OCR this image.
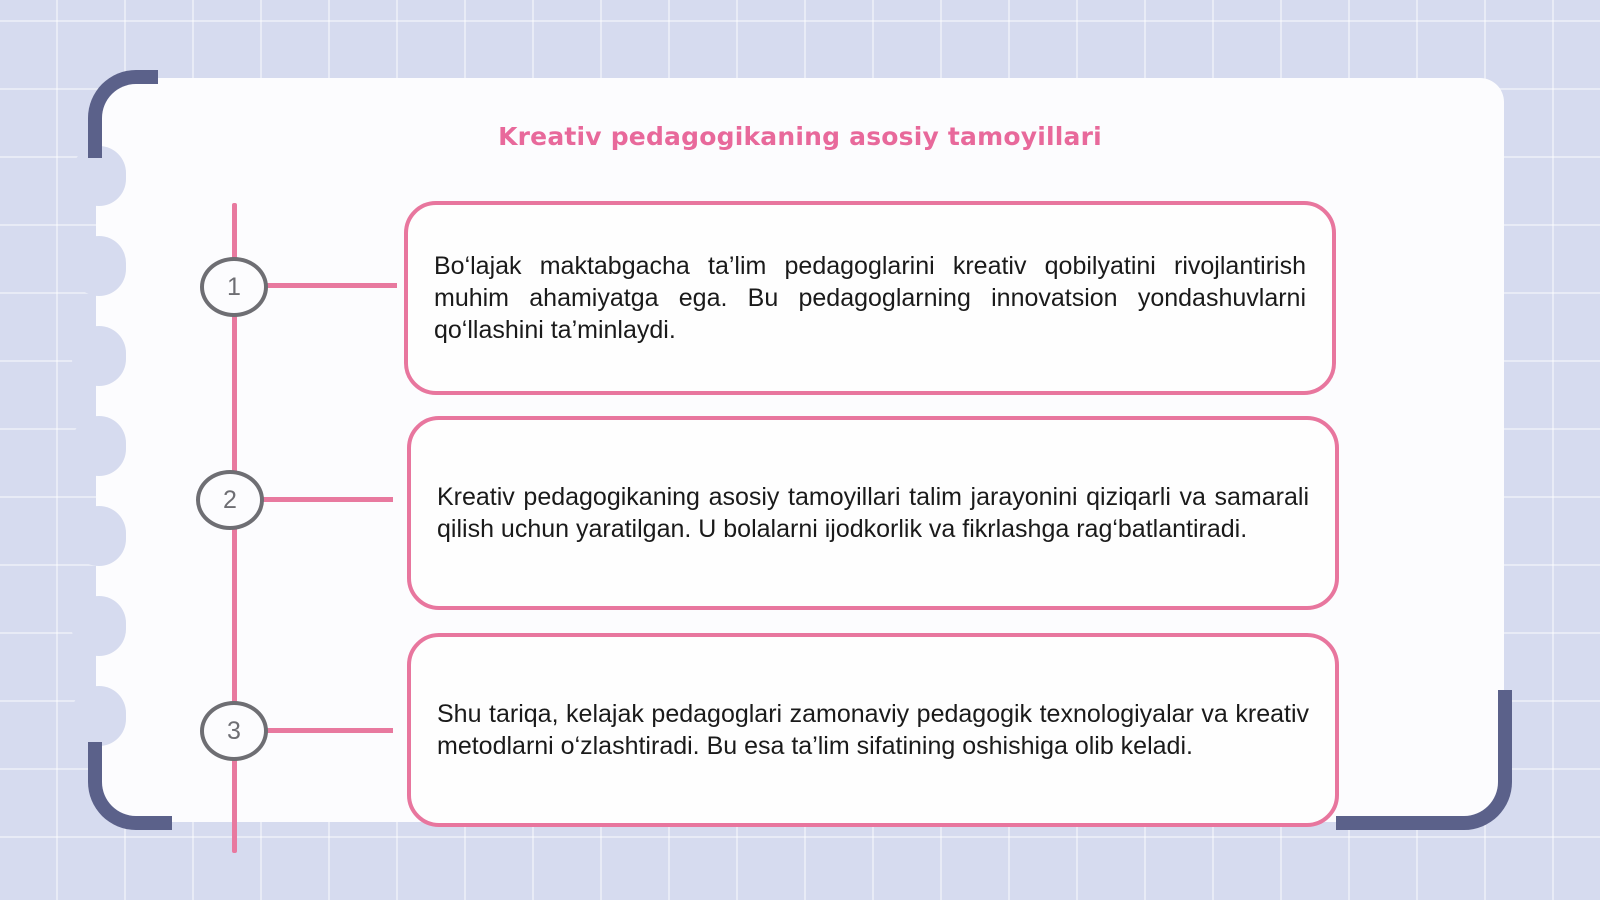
Kreativ pedagogikaning asosiy tamoyillari
1

Bo‘lajak maktabgacha ta’lim pedagoglarini kreativ qobilyatini rivojlantirish muhim ahamiyatga ega. Bu pedagoglarning innovatsion yondashuvlarni qo‘llashini ta’minlaydi.

2	Kreativ pedagogikaning asosiy tamoyillari talim jarayonini qiziqarli va samarali qilish uchun yaratilgan. U bolalarni ijodkorlik va fikrlashga rag‘batlantiradi.

3

Shu tariqa, kelajak pedagoglari zamonaviy pedagogik texnologiyalar va kreativ metodlarni o‘zlashtiradi. Bu esa ta’lim sifatining oshishiga olib keladi.
